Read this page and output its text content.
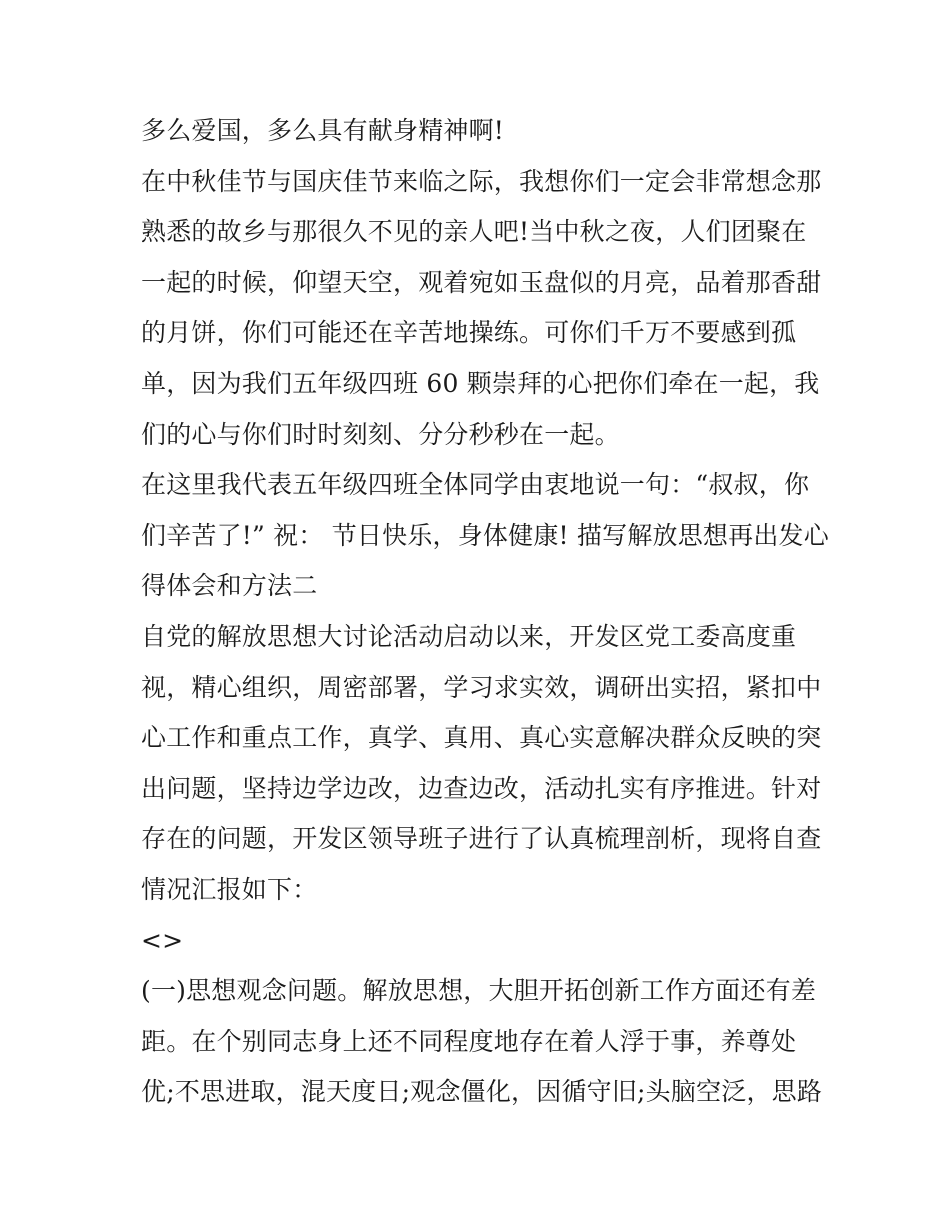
多么爱国，多么具有献身精神啊!
在中秋佳节与国庆佳节来临之际，我想你们一定会非常想念那
熟悉的故乡与那很久不见的亲人吧!当中秋之夜，人们团聚在
一起的时候，仰望天空，观着宛如玉盘似的月亮，品着那香甜
的月饼，你们可能还在辛苦地操练。可你们千万不要感到孤
单，因为我们五年级四班 60 颗崇拜的心把你们牵在一起，我
们的心与你们时时刻刻、分分秒秒在一起。
在这里我代表五年级四班全体同学由衷地说一句：“叔叔，你
们辛苦了!” 祝： 节日快乐，身体健康! 描写解放思想再出发心
得体会和方法二
自党的解放思想大讨论活动启动以来，开发区党工委高度重
视，精心组织，周密部署，学习求实效，调研出实招，紧扣中
心工作和重点工作，真学、真用、真心实意解决群众反映的突
出问题，坚持边学边改，边查边改，活动扎实有序推进。针对
存在的问题，开发区领导班子进行了认真梳理剖析，现将自查
情况汇报如下：
<>
(一)思想观念问题。解放思想，大胆开拓创新工作方面还有差
距。在个别同志身上还不同程度地存在着人浮于事，养尊处
优;不思进取，混天度日;观念僵化，因循守旧;头脑空泛，思路
